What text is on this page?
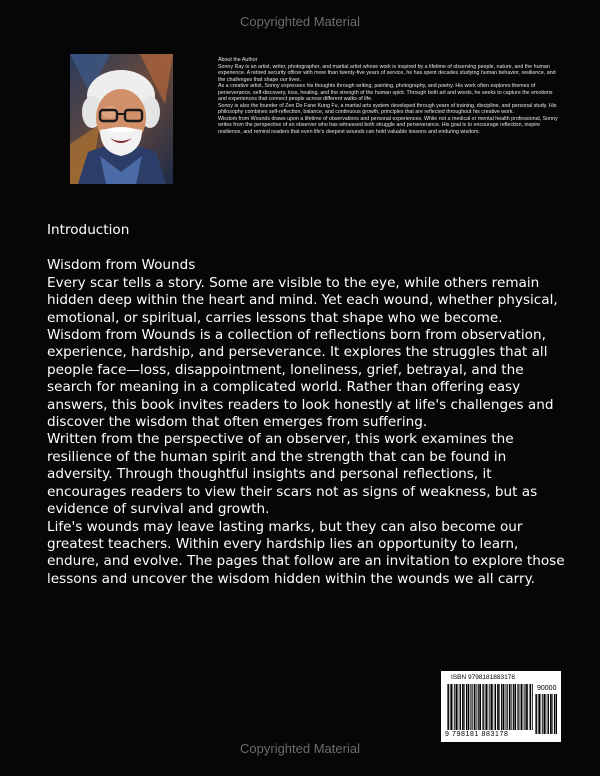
Copyrighted Material

About the Author

Sonny Ray is an artist, writer, photographer, and martial artist whose work is inspired by a lifetime of observing people, nature, and the human experience. A retired security officer with more than twenty-five years of service, he has spent decades studying human behavior, resilience, and the challenges that shape our lives.

As a creative artist, Sonny expresses his thoughts through writing, painting, photography, and poetry. His work often explores themes of perseverance, self-discovery, loss, healing, and the strength of the human spirit. Through both art and words, he seeks to capture the emotions and experiences that connect people across different walks of life.

Sonny is also the founder of Zen Do Fane Kung Fu, a martial arts system developed through years of training, discipline, and personal study. His philosophy combines self-reflection, balance, and continuous growth, principles that are reflected throughout his creative work.

Wisdom from Wounds draws upon a lifetime of observations and personal experiences. While not a medical or mental health professional, Sonny writes from the perspective of an observer who has witnessed both struggle and perseverance. His goal is to encourage reflection, inspire resilience, and remind readers that even life's deepest wounds can hold valuable lessons and enduring wisdom.

Introduction

Wisdom from Wounds

Every scar tells a story. Some are visible to the eye, while others remain hidden deep within the heart and mind. Yet each wound, whether physical, emotional, or spiritual, carries lessons that shape who we become.

Wisdom from Wounds is a collection of reflections born from observation, experience, hardship, and perseverance. It explores the struggles that all people face—loss, disappointment, loneliness, grief, betrayal, and the search for meaning in a complicated world. Rather than offering easy answers, this book invites readers to look honestly at life's challenges and discover the wisdom that often emerges from suffering.

Written from the perspective of an observer, this work examines the resilience of the human spirit and the strength that can be found in adversity. Through thoughtful insights and personal reflections, it encourages readers to view their scars not as signs of weakness, but as evidence of survival and growth.

Life's wounds may leave lasting marks, but they can also become our greatest teachers. Within every hardship lies an opportunity to learn, endure, and evolve. The pages that follow are an invitation to explore those lessons and uncover the wisdom hidden within the wounds we all carry.

ISBN 9798181883178
90000
9 798181 883178
Copyrighted Material
